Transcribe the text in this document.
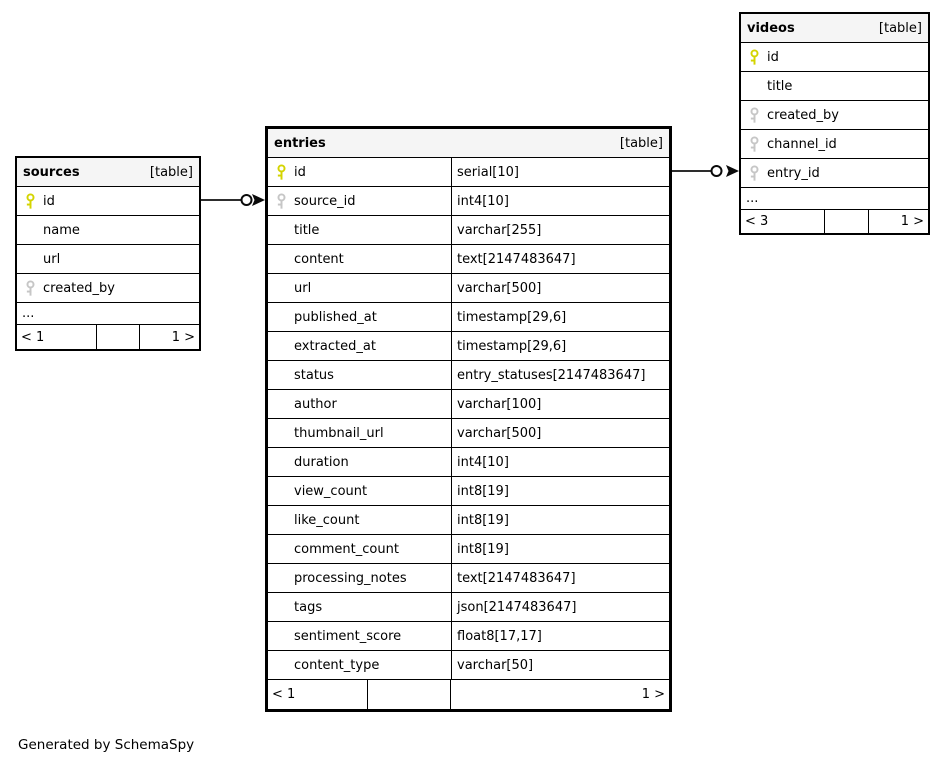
sources	[table]
id
name
url
created_by
...
< 1	1 >
entries	[table]
id	serial[10]
source_id	int4[10]
title	varchar[255]
content	text[2147483647]
url	varchar[500]
published_at	timestamp[29,6]
extracted_at	timestamp[29,6]
status	entry_statuses[2147483647]
author	varchar[100]
thumbnail_url	varchar[500]
duration	int4[10]
view_count	int8[19]
like_count	int8[19]
comment_count	int8[19]
processing_notes	text[2147483647]
tags	json[2147483647]
sentiment_score	float8[17,17]
content_type	varchar[50]
< 1	1 >
videos	[table]
id
title
created_by
channel_id
entry_id
...
< 3	1 >
Generated by SchemaSpy
